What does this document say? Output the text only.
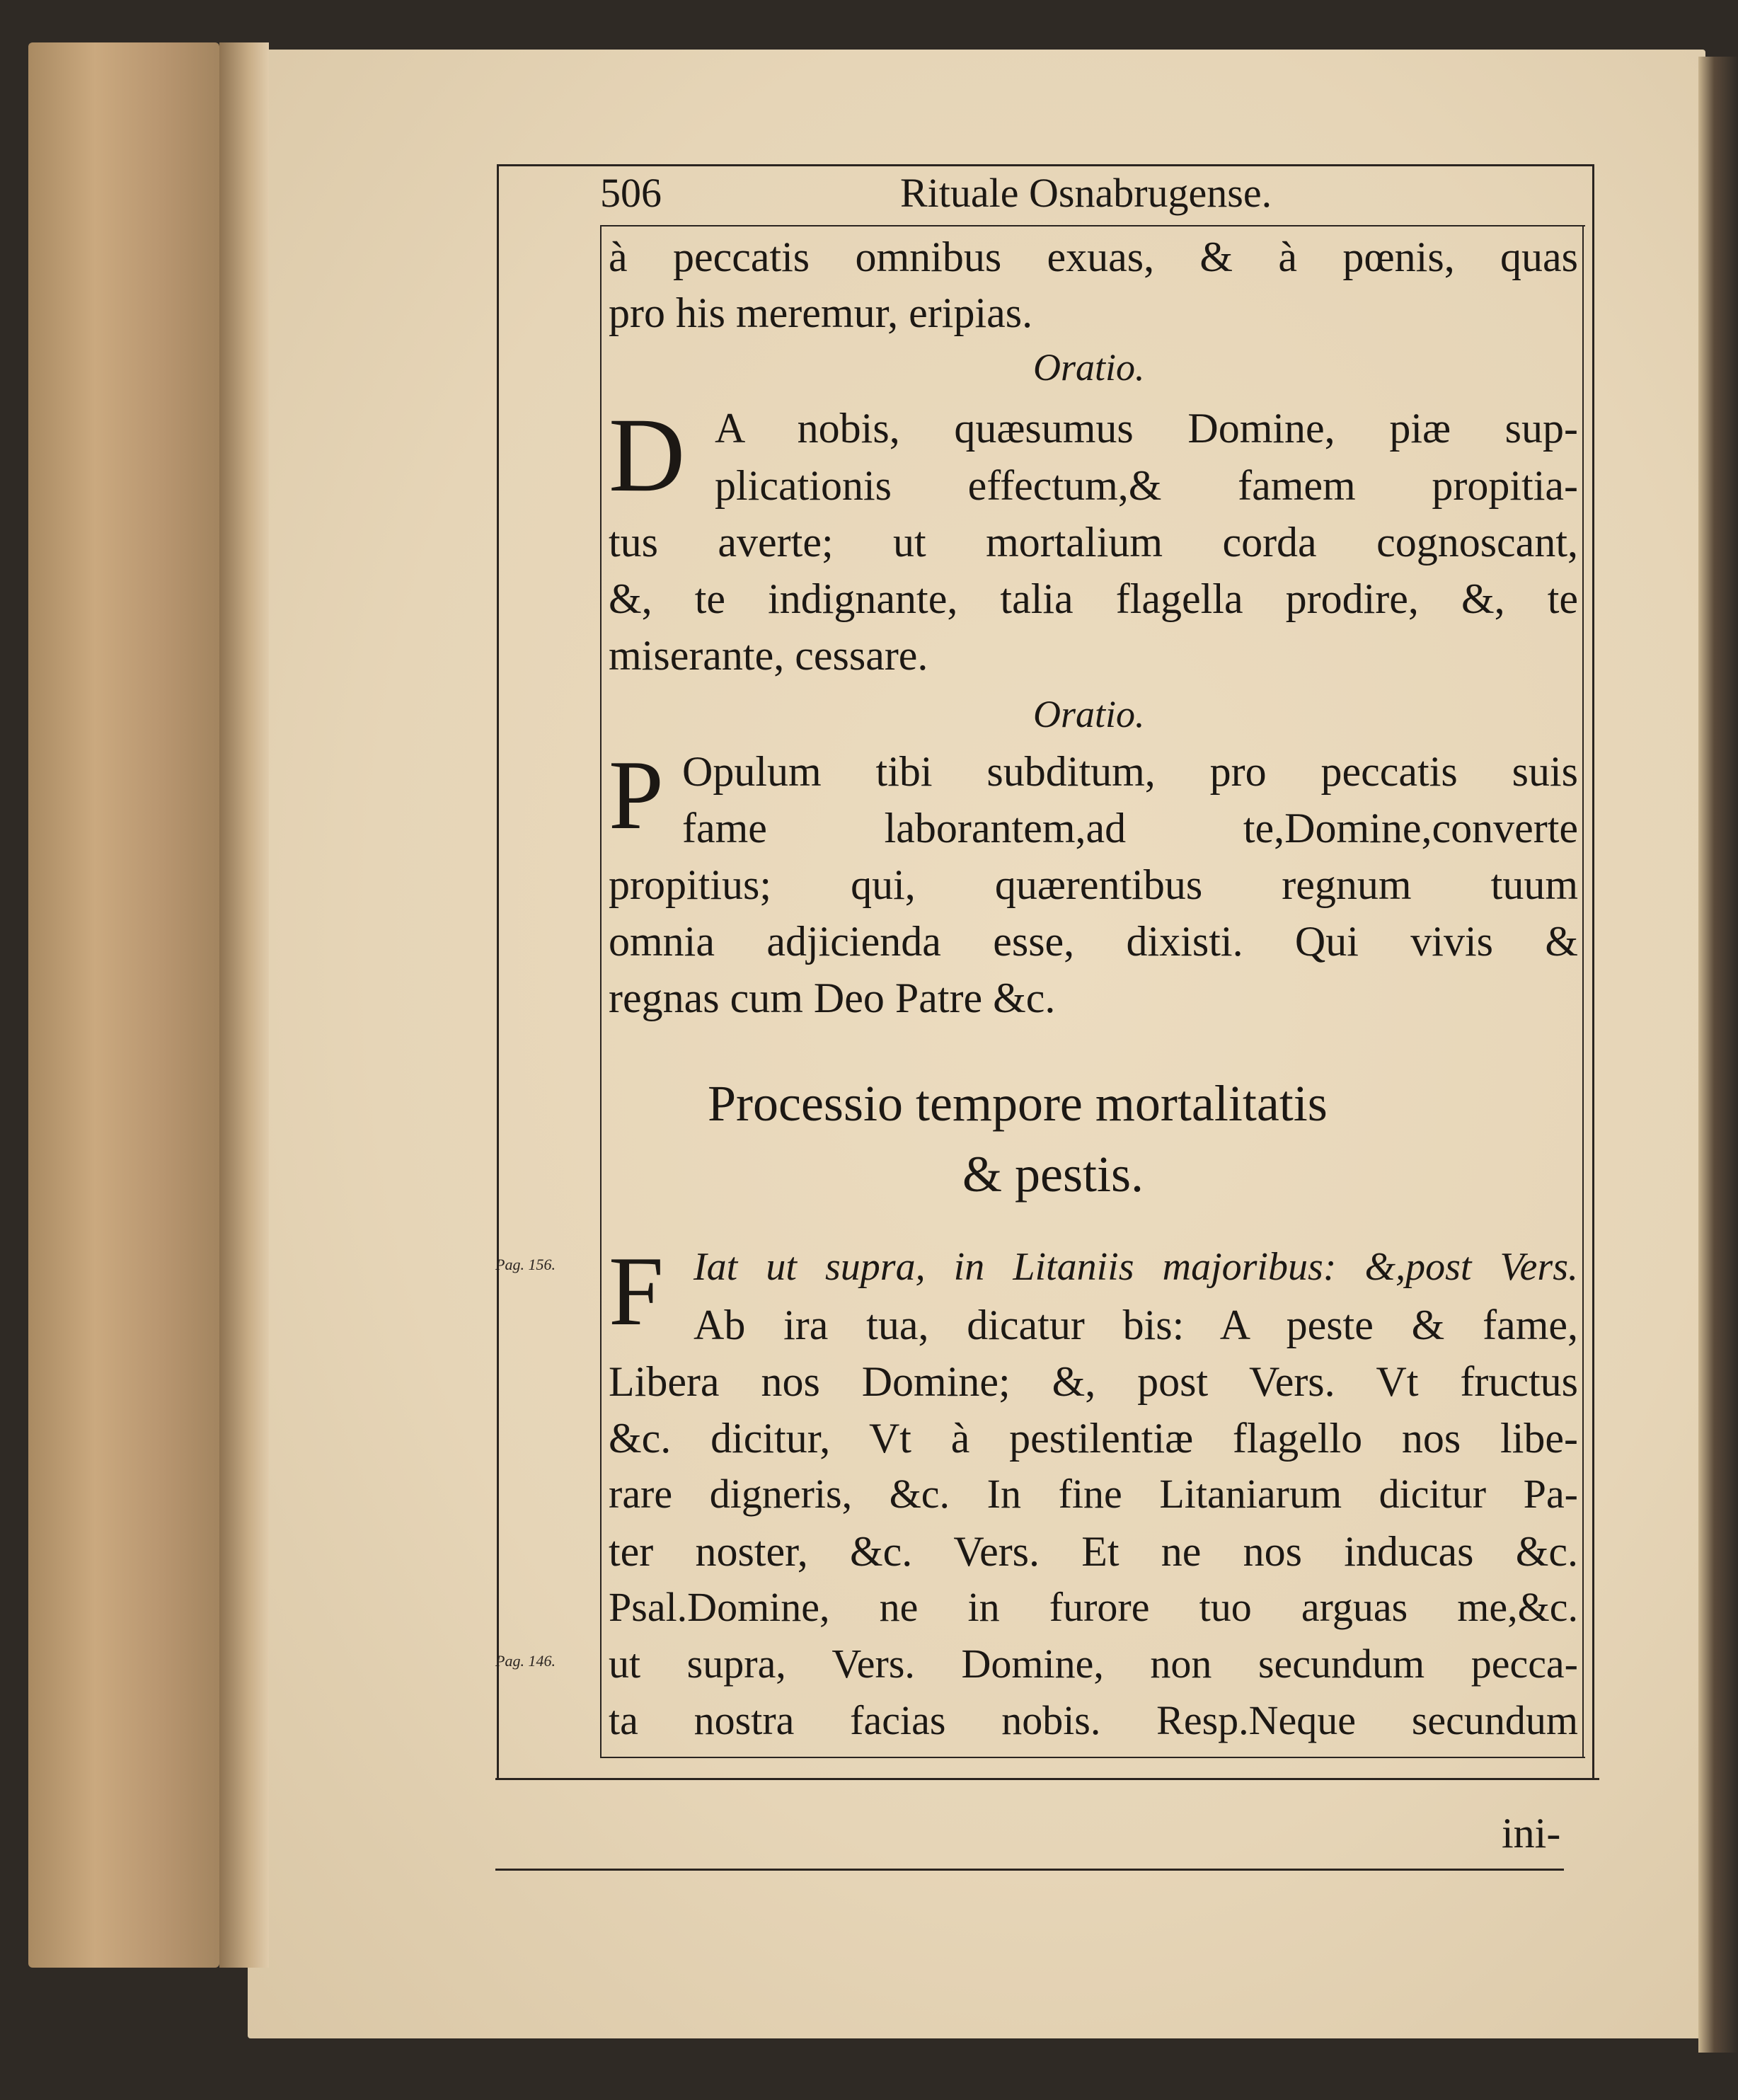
506	Rituale Osnabrugense.
à peccatis omnibus exuas, & à pœnis, quas
pro his meremur, eripias.
Oratio.
D A nobis, quæsumus Domine, piæ sup-
plicationis effectum,& famem propitia-
tus averte; ut mortalium corda cognoscant,
&, te indignante, talia flagella prodire, &, te
miserante, cessare.
Oratio.
P Opulum tibi subditum, pro peccatis suis
fame laborantem,ad te,Domine,converte
propitius; qui, quærentibus regnum tuum
omnia adjicienda esse, dixisti. Qui vivis &
regnas cum Deo Patre &c.
Processio tempore mortalitatis
& pestis.
F Iat ut supra, in Litaniis majoribus: &,post Vers.
Ab ira tua, dicatur bis: A peste & fame,
Libera nos Domine; &, post Vers. Vt fructus
&c. dicitur, Vt à pestilentiæ flagello nos libe-
rare digneris, &c. In fine Litaniarum dicitur Pa-
ter noster, &c. Vers. Et ne nos inducas &c.
Psal.Domine, ne in furore tuo arguas me,&c.
ut supra, Vers. Domine, non secundum pecca-
ta nostra facias nobis. Resp.Neque secundum
ini-
Pag. 156.
Pag. 146.
